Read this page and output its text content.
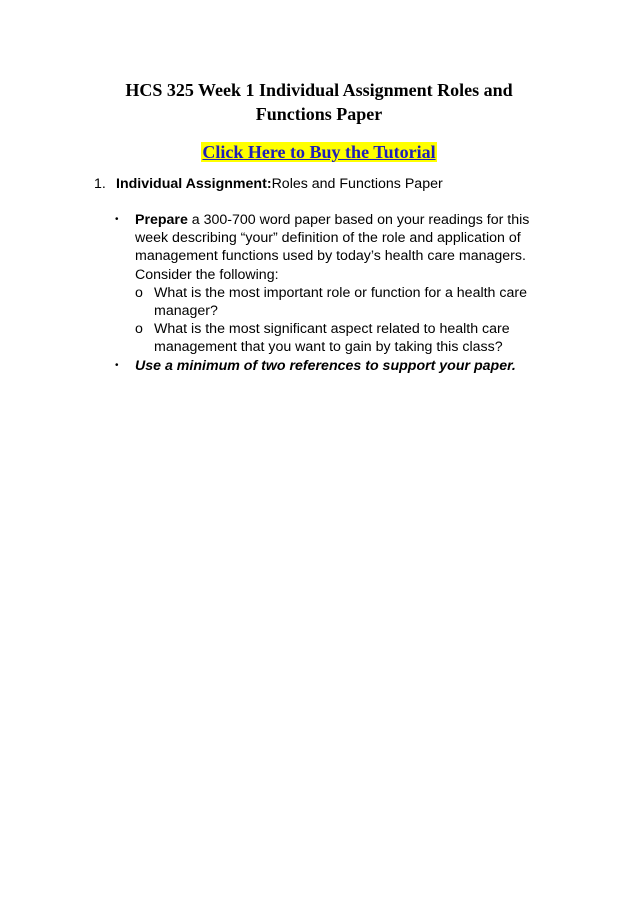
HCS 325 Week 1 Individual Assignment Roles and
Functions Paper
Click Here to Buy the Tutorial
1. Individual Assignment:Roles and Functions Paper
• Prepare a 300-700 word paper based on your readings for this
week describing “your” definition of the role and application of
management functions used by today’s health care managers.
Consider the following:
o What is the most important role or function for a health care
manager?
o What is the most significant aspect related to health care
management that you want to gain by taking this class?
• Use a minimum of two references to support your paper.
